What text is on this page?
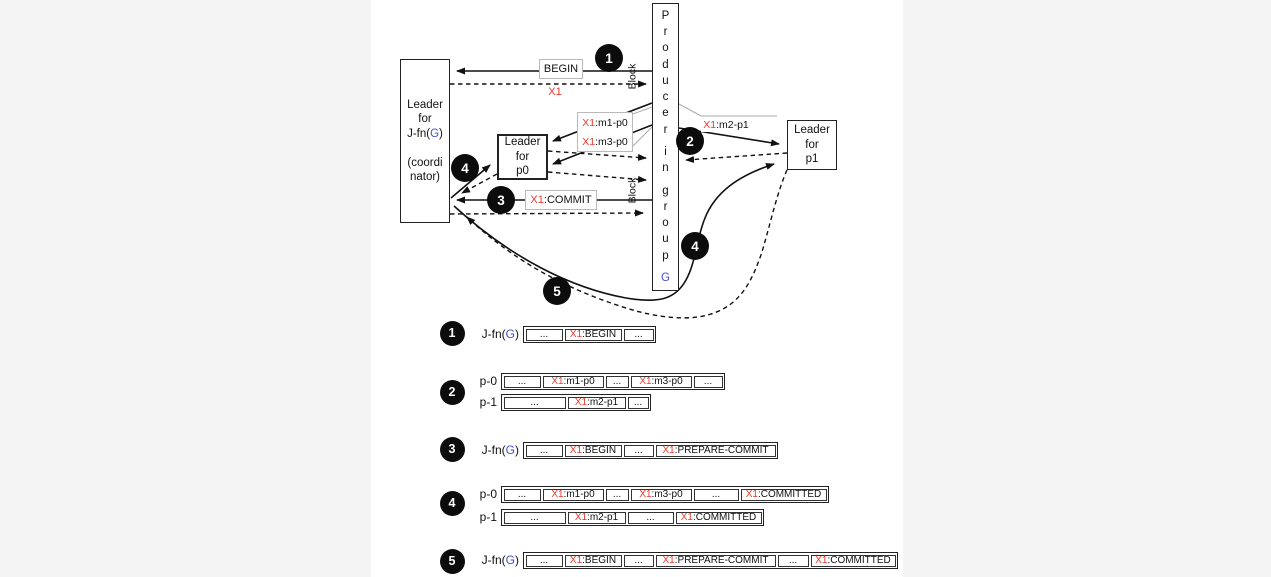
BEGIN
X1
X1:m1-p0
X1:m3-p0
X1 :m2-p1
X1 :COMMIT
Block
Block
Leader
for
J-fn(G)
(coordi
nator)
Leader
for
p0
Leader
for
p1
P
r
o
d
u
c
e
r
i
n
g
r
o
u
p
G
1
2
3
4
4
5
1	J-fn(G)	...	X1 :BEGIN	...
2
p-0	...	X1 :m1-p0	...	X1 :m3-p0	...
p-1	...	X1 :m2-p1	...
3	J-fn(G)	...	X1 :BEGIN	...	X1 :PREPARE-COMMIT
4
p-0	...	X1 :m1-p0	...	X1 :m3-p0	...	X1 :COMMITTED
p-1	...	X1 :m2-p1	...	X1 :COMMITTED
5	J-fn(G)	...	X1 :BEGIN	...	X1 :PREPARE-COMMIT	...	X1 :COMMITTED
